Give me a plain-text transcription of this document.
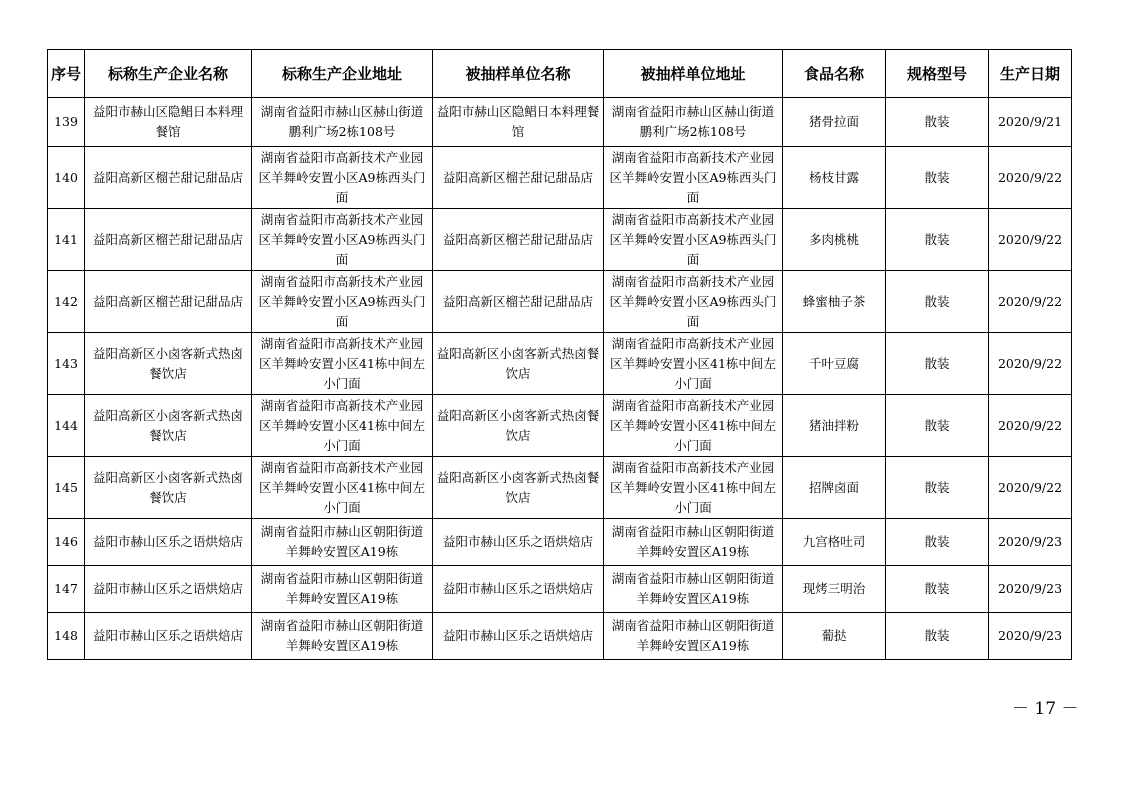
序号	标称生产企业名称	标称生产企业地址	被抽样单位名称	被抽样单位地址	食品名称	规格型号	生产日期
139	益阳市赫山区隐鲳日本料理餐馆	湖南省益阳市赫山区赫山街道鹏利广场2栋108号	益阳市赫山区隐鲳日本料理餐馆	湖南省益阳市赫山区赫山街道鹏利广场2栋108号	猪骨拉面	散装	2020/9/21
140	益阳高新区榴芒甜记甜品店	湖南省益阳市高新技术产业园区羊舞岭安置小区A9栋西头门面	益阳高新区榴芒甜记甜品店	湖南省益阳市高新技术产业园区羊舞岭安置小区A9栋西头门面	杨枝甘露	散装	2020/9/22
141	益阳高新区榴芒甜记甜品店	湖南省益阳市高新技术产业园区羊舞岭安置小区A9栋西头门面	益阳高新区榴芒甜记甜品店	湖南省益阳市高新技术产业园区羊舞岭安置小区A9栋西头门面	多肉桃桃	散装	2020/9/22
142	益阳高新区榴芒甜记甜品店	湖南省益阳市高新技术产业园区羊舞岭安置小区A9栋西头门面	益阳高新区榴芒甜记甜品店	湖南省益阳市高新技术产业园区羊舞岭安置小区A9栋西头门面	蜂蜜柚子茶	散装	2020/9/22
143	益阳高新区小卤客新式热卤餐饮店	湖南省益阳市高新技术产业园区羊舞岭安置小区41栋中间左小门面	益阳高新区小卤客新式热卤餐饮店	湖南省益阳市高新技术产业园区羊舞岭安置小区41栋中间左小门面	千叶豆腐	散装	2020/9/22
144	益阳高新区小卤客新式热卤餐饮店	湖南省益阳市高新技术产业园区羊舞岭安置小区41栋中间左小门面	益阳高新区小卤客新式热卤餐饮店	湖南省益阳市高新技术产业园区羊舞岭安置小区41栋中间左小门面	猪油拌粉	散装	2020/9/22
145	益阳高新区小卤客新式热卤餐饮店	湖南省益阳市高新技术产业园区羊舞岭安置小区41栋中间左小门面	益阳高新区小卤客新式热卤餐饮店	湖南省益阳市高新技术产业园区羊舞岭安置小区41栋中间左小门面	招牌卤面	散装	2020/9/22
146	益阳市赫山区乐之语烘焙店	湖南省益阳市赫山区朝阳街道羊舞岭安置区A19栋	益阳市赫山区乐之语烘焙店	湖南省益阳市赫山区朝阳街道羊舞岭安置区A19栋	九宫格吐司	散装	2020/9/23
147	益阳市赫山区乐之语烘焙店	湖南省益阳市赫山区朝阳街道羊舞岭安置区A19栋	益阳市赫山区乐之语烘焙店	湖南省益阳市赫山区朝阳街道羊舞岭安置区A19栋	现烤三明治	散装	2020/9/23
148	益阳市赫山区乐之语烘焙店	湖南省益阳市赫山区朝阳街道羊舞岭安置区A19栋	益阳市赫山区乐之语烘焙店	湖南省益阳市赫山区朝阳街道羊舞岭安置区A19栋	葡挞	散装	2020/9/23
－ 17 －
